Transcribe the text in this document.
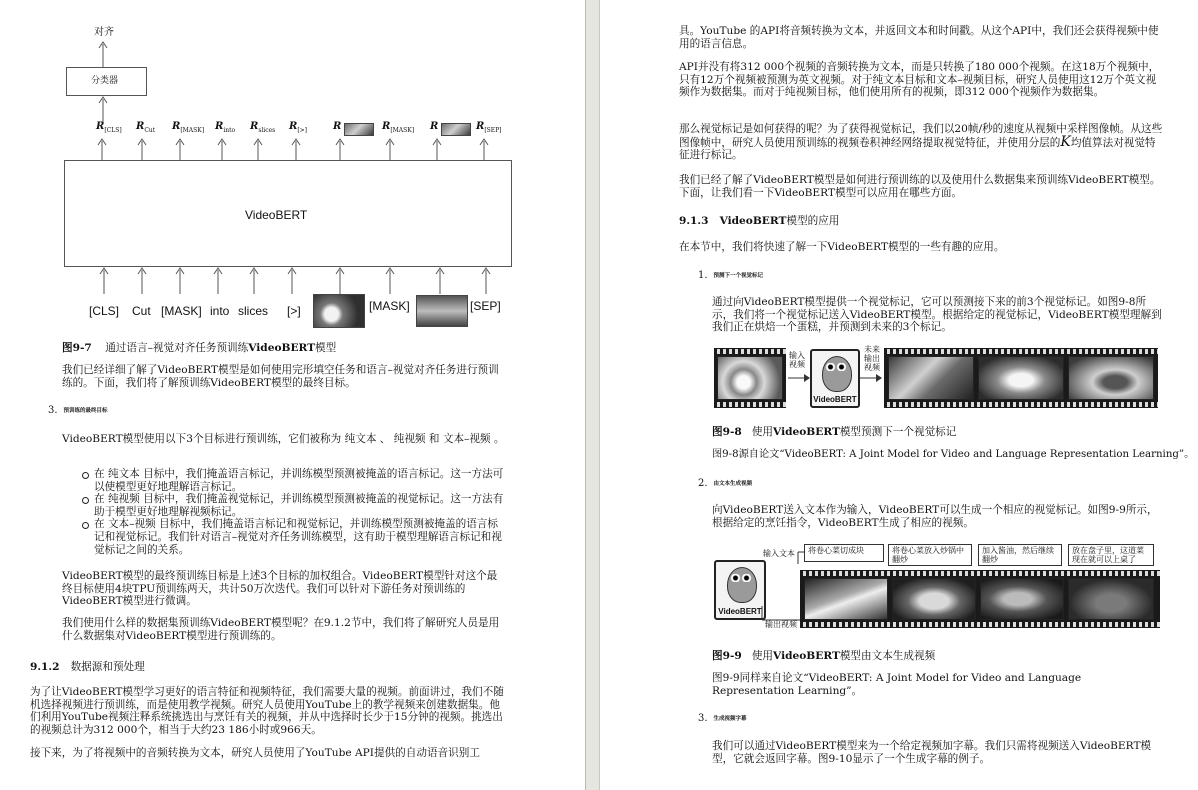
对齐
分类器
$R_{[CLS]}$ $R_{Cut}$ $R_{[MASK]}$ $R_{into}$ $R_{slices}$ $R_{[>]}$	R	$R_{[MASK]}$ R	$R_{[SEP]}$
VideoBERT
[CLS] Cut [MASK] into slices [>]	[MASK]	[SEP]
图9-7 通过语言–视觉对齐任务预训练VideoBERT模型

我们已经详细了解了VideoBERT模型是如何使用完形填空任务和语言–视觉对齐任务进行预训练的。下面，我们将了解预训练VideoBERT模型的最终目标。

3. 预训练的最终目标

VideoBERT模型使用以下3个目标进行预训练，它们被称为 纯文本 、 纯视频 和 文本–视频 。

在 纯文本 目标中，我们掩盖语言标记，并训练模型预测被掩盖的语言标记。这一方法可以使模型更好地理解语言标记。
在 纯视频 目标中，我们掩盖视觉标记，并训练模型预测被掩盖的视觉标记。这一方法有助于模型更好地理解视频标记。
在 文本–视频 目标中，我们掩盖语言标记和视觉标记，并训练模型预测被掩盖的语言标记和视觉标记。我们针对语言–视觉对齐任务训练模型，这有助于模型理解语言标记和视觉标记之间的关系。

VideoBERT模型的最终预训练目标是上述3个目标的加权组合。VideoBERT模型针对这个最终目标使用4块TPU预训练两天，共计50万次迭代。我们可以针对下游任务对预训练的VideoBERT模型进行微调。

我们使用什么样的数据集预训练VideoBERT模型呢？在9.1.2节中，我们将了解研究人员是用什么数据集对VideoBERT模型进行预训练的。

9.1.2 数据源和预处理

为了让VideoBERT模型学习更好的语言特征和视频特征，我们需要大量的视频。前面讲过，我们不随机选择视频进行预训练，而是使用教学视频。研究人员使用YouTube上的教学视频来创建数据集。他们利用YouTube视频注释系统挑选出与烹饪有关的视频，并从中选择时长少于15分钟的视频。挑选出的视频总计为312 000个，相当于大约23 186小时或966天。

接下来，为了将视频中的音频转换为文本，研究人员使用了YouTube API提供的自动语音识别工

具。YouTube 的API将音频转换为文本，并返回文本和时间戳。从这个API中，我们还会获得视频中使用的语言信息。

API并没有将312 000个视频的音频转换为文本，而是只转换了180 000个视频。在这18万个视频中，只有12万个视频被预测为英文视频。对于纯文本目标和文本–视频目标，研究人员使用这12万个英文视频作为数据集。而对于纯视频目标，他们使用所有的视频，即312 000个视频作为数据集。

那么视觉标记是如何获得的呢？为了获得视觉标记，我们以20帧/秒的速度从视频中采样图像帧。从这些图像帧中，研究人员使用预训练的视频卷积神经网络提取视觉特征，并使用分层的K均值算法对视觉特征进行标记。

我们已经了解了VideoBERT模型是如何进行预训练的以及使用什么数据集来预训练VideoBERT模型。下面，让我们看一下VideoBERT模型可以应用在哪些方面。

9.1.3 VideoBERT模型的应用

在本节中，我们将快速了解一下VideoBERT模型的一些有趣的应用。

1. 预测下一个视觉标记

通过向VideoBERT模型提供一个视觉标记，它可以预测接下来的前3个视觉标记。如图9-8所示，我们将一个视觉标记送入VideoBERT模型。根据给定的视觉标记，VideoBERT模型理解到我们正在烘焙一个蛋糕，并预测到未来的3个标记。

输入
视频
VideoBERT
未来
输出
视频
图9-8 使用VideoBERT模型预测下一个视觉标记

图9-8源自论文“VideoBERT: A Joint Model for Video and Language Representation Learning”。

2. 由文本生成视频

向VideoBERT送入文本作为输入，VideoBERT可以生成一个相应的视觉标记。如图9-9所示，根据给定的烹饪指令，VideoBERT生成了相应的视频。

输入文本	将卷心菜切成块	将卷心菜放入炒锅中翻炒
加入酱油，然后继续翻炒
放在盘子里，这道菜现在就可以上桌了
VideoBERT
输出视频
图9-9 使用VideoBERT模型由文本生成视频

图9-9同样来自论文“VideoBERT: A Joint Model for Video and Language Representation Learning”。

3. 生成视频字幕

我们可以通过VideoBERT模型来为一个给定视频加字幕。我们只需将视频送入VideoBERT模型，它就会返回字幕。图9-10显示了一个生成字幕的例子。
